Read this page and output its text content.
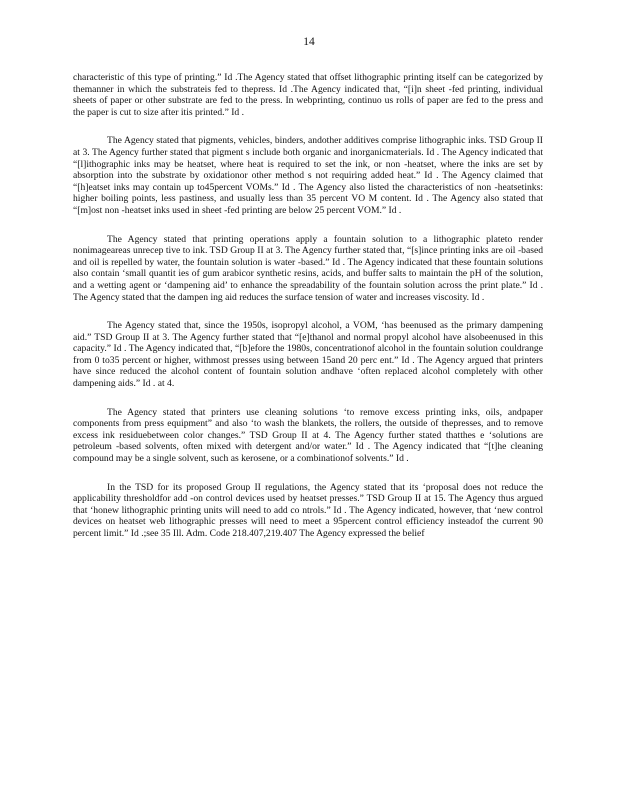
14

characteristic of this type of printing.” Id .The Agency stated that offset lithographic printing itself can be categorized by themanner in which the substrateis fed to thepress. Id .The Agency indicated that, “[i]n sheet -fed printing, individual sheets of paper or other substrate are fed to the press. In webprinting, continuo us rolls of paper are fed to the press and the paper is cut to size after itis printed.” Id .

The Agency stated that pigments, vehicles, binders, andother additives comprise lithographic inks. TSD Group II at 3. The Agency further stated that pigment s include both organic and inorganicmaterials. Id . The Agency indicated that “[l]ithographic inks may be heatset, where heat is required to set the ink, or non -heatset, where the inks are set by absorption into the substrate by oxidationor other method s not requiring added heat.” Id . The Agency claimed that “[h]eatset inks may contain up to45percent VOMs.” Id . The Agency also listed the characteristics of non -heatsetinks: higher boiling points, less pastiness, and usually less than 35 percent VO M content. Id . The Agency also stated that “[m]ost non -heatset inks used in sheet -fed printing are below 25 percent VOM.” Id .

The Agency stated that printing operations apply a fountain solution to a lithographic plateto render nonimageareas unrecep tive to ink. TSD Group II at 3. The Agency further stated that, “[s]ince printing inks are oil -based and oil is repelled by water, the fountain solution is water -based.” Id . The Agency indicated that these fountain solutions also contain ‘small quantit ies of gum arabicor synthetic resins, acids, and buffer salts to maintain the pH of the solution, and a wetting agent or ‘dampening aid’ to enhance the spreadability of the fountain solution across the print plate.” Id . The Agency stated that the dampen ing aid reduces the surface tension of water and increases viscosity. Id .

The Agency stated that, since the 1950s, isopropyl alcohol, a VOM, ‘has beenused as the primary dampening aid.” TSD Group II at 3. The Agency further stated that “[e]thanol and normal propyl alcohol have alsobeenused in this capacity.” Id . The Agency indicated that, “[b]efore the 1980s, concentrationof alcohol in the fountain solution couldrange from 0 to35 percent or higher, withmost presses using between 15and 20 perc ent.” Id . The Agency argued that printers have since reduced the alcohol content of fountain solution andhave ‘often replaced alcohol completely with other dampening aids.” Id . at 4.

The Agency stated that printers use cleaning solutions ‘to remove excess printing inks, oils, andpaper components from press equipment” and also ‘to wash the blankets, the rollers, the outside of thepresses, and to remove excess ink residuebetween color changes.” TSD Group II at 4. The Agency further stated thatthes e ‘solutions are petroleum -based solvents, often mixed with detergent and/or water.” Id . The Agency indicated that “[t]he cleaning compound may be a single solvent, such as kerosene, or a combinationof solvents.” Id .

In the TSD for its proposed Group II regulations, the Agency stated that its ‘proposal does not reduce the applicability thresholdfor add -on control devices used by heatset presses.” TSD Group II at 15. The Agency thus argued that ‘honew lithographic printing units will need to add co ntrols.” Id . The Agency indicated, however, that ‘new control devices on heatset web lithographic presses will need to meet a 95percent control efficiency insteadof the current 90 percent limit.” Id .;see 35 Ill. Adm. Code 218.407,219.407 The Agency expressed the belief
